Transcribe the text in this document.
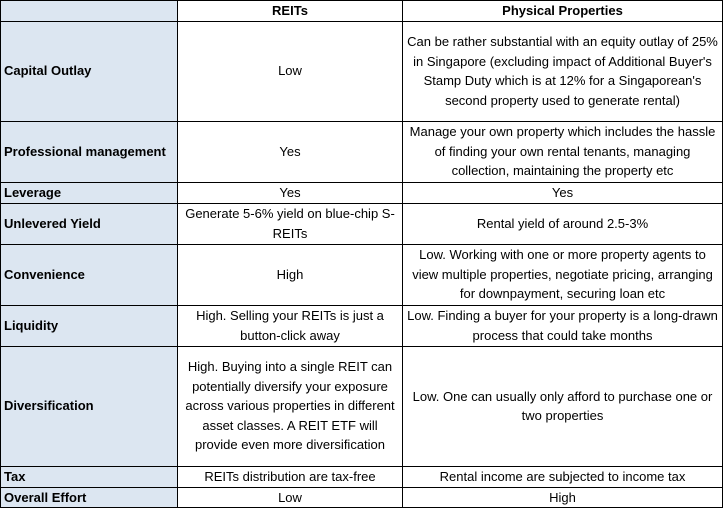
	REITs	Physical Properties
Capital Outlay	Low	Can be rather substantial with an equity outlay of 25% in Singapore (excluding impact of Additional Buyer's Stamp Duty which is at 12% for a Singaporean's second property used to generate rental)
Professional management	Yes	Manage your own property which includes the hassle of finding your own rental tenants, managing collection, maintaining the property etc
Leverage	Yes	Yes
Unlevered Yield	Generate 5-6% yield on blue-chip S-REITs	Rental yield of around 2.5-3%
Convenience	High	Low. Working with one or more property agents to view multiple properties, negotiate pricing, arranging for downpayment, securing loan etc
Liquidity	High. Selling your REITs is just a button-click away	Low. Finding a buyer for your property is a long-drawn process that could take months
Diversification	High. Buying into a single REIT can potentially diversify your exposure across various properties in different asset classes. A REIT ETF will provide even more diversification	Low. One can usually only afford to purchase one or two properties
Tax	REITs distribution are tax-free	Rental income are subjected to income tax
Overall Effort	Low	High
